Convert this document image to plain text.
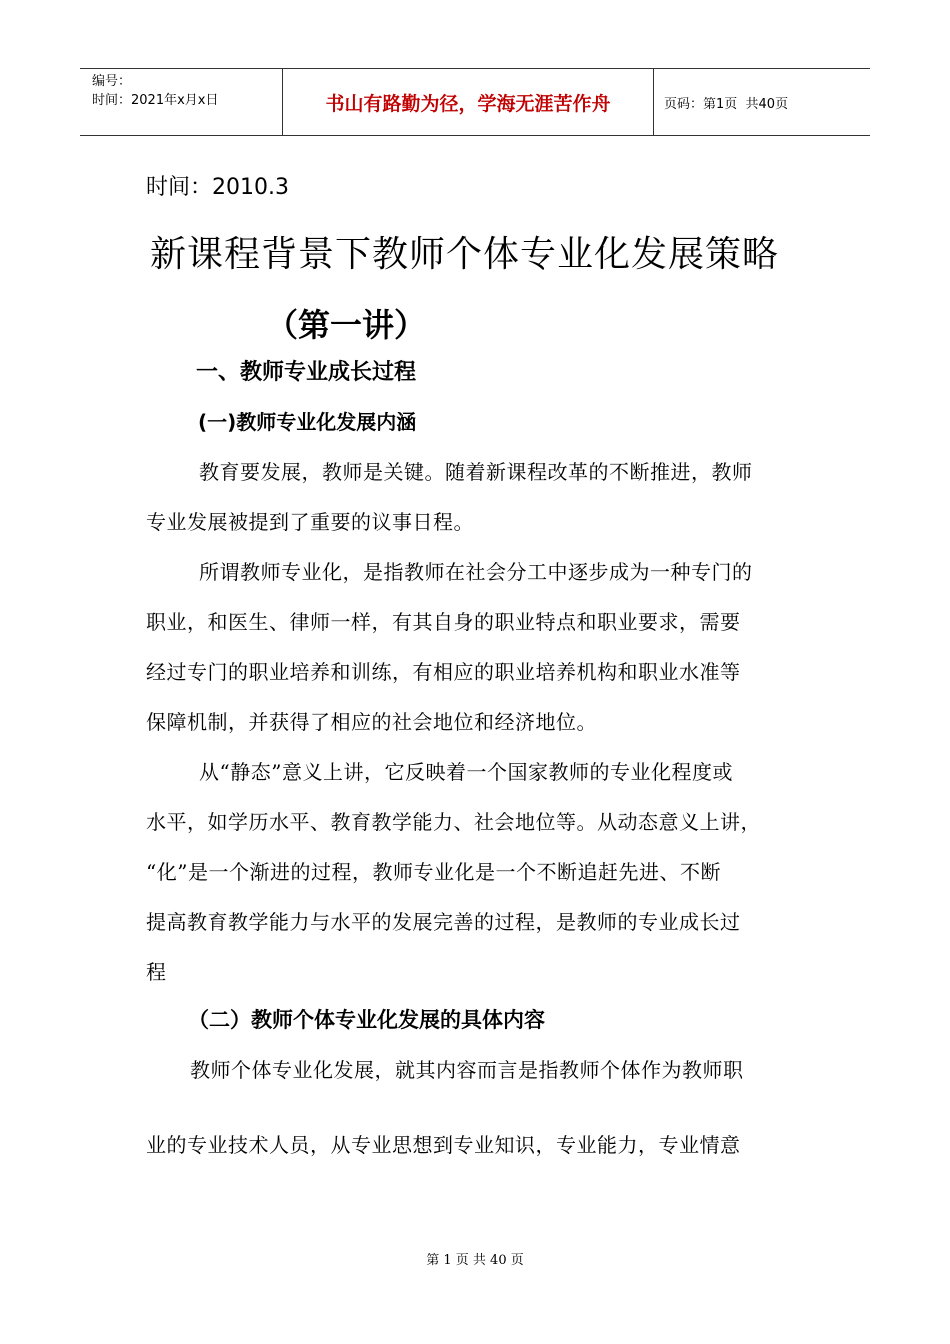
编号：
时间：2021年x月x日	书山有路勤为径，学海无涯苦作舟	页码：第1页  共40页
时间：2010.3
新课程背景下教师个体专业化发展策略
（第一讲）
一、教师专业成长过程
(一)教师专业化发展内涵
教育要发展，教师是关键。随着新课程改革的不断推进，教师
专业发展被提到了重要的议事日程。
所谓教师专业化，是指教师在社会分工中逐步成为一种专门的
职业，和医生、律师一样，有其自身的职业特点和职业要求，需要
经过专门的职业培养和训练，有相应的职业培养机构和职业水准等
保障机制，并获得了相应的社会地位和经济地位。
从“静态”意义上讲，它反映着一个国家教师的专业化程度或
水平，如学历水平、教育教学能力、社会地位等。从动态意义上讲，
“化”是一个渐进的过程，教师专业化是一个不断追赶先进、不断
提高教育教学能力与水平的发展完善的过程，是教师的专业成长过
程
（二）教师个体专业化发展的具体内容
教师个体专业化发展，就其内容而言是指教师个体作为教师职
业的专业技术人员，从专业思想到专业知识，专业能力，专业情意
第 1 页 共 40 页
